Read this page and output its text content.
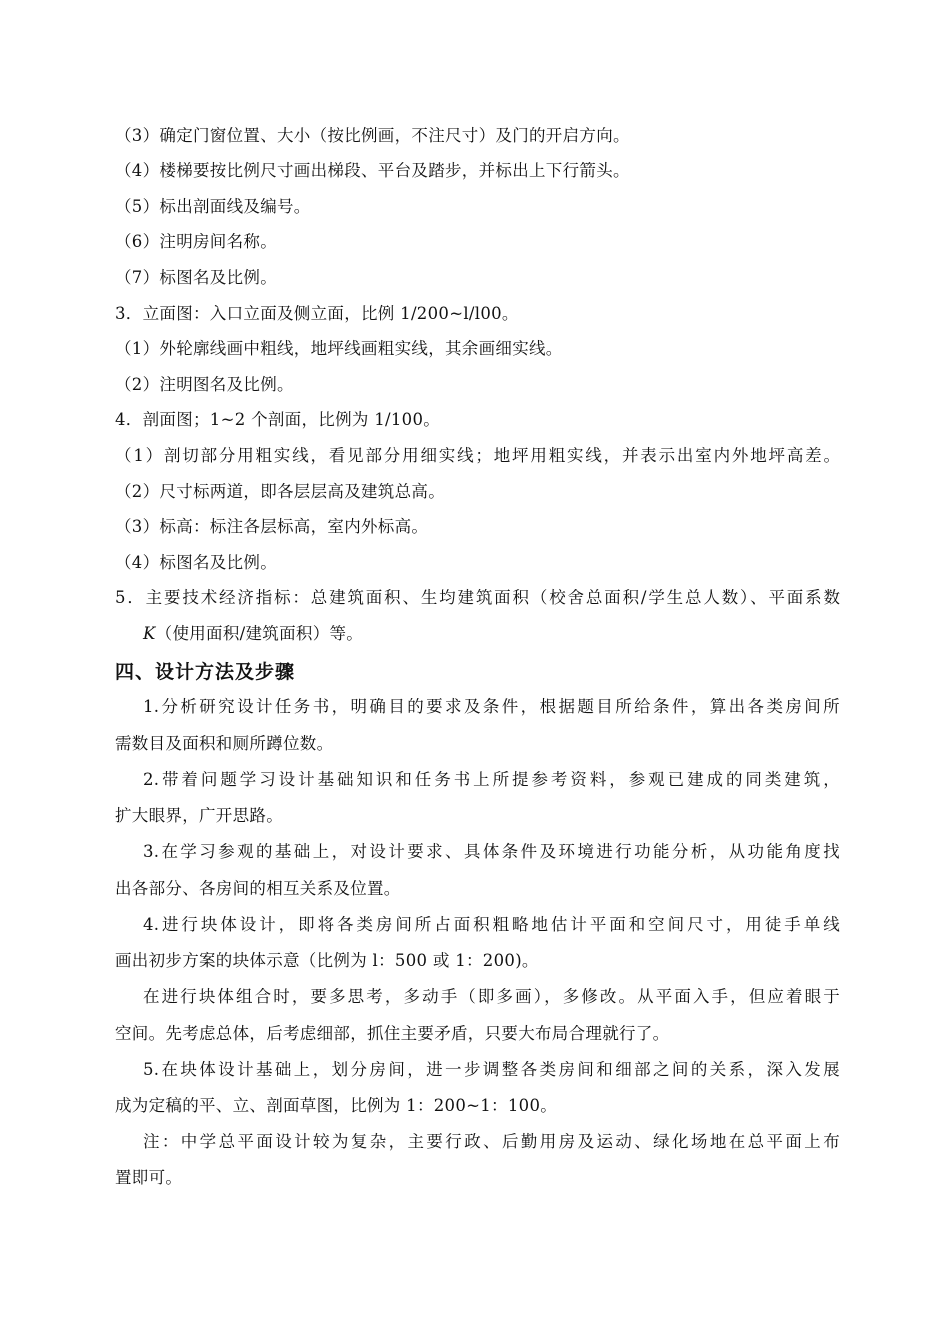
（3）确定门窗位置、大小（按比例画，不注尺寸）及门的开启方向。
（4）楼梯要按比例尺寸画出梯段、平台及踏步，并标出上下行箭头。
（5）标出剖面线及编号。
（6）注明房间名称。
（7）标图名及比例。
3．立面图：入口立面及侧立面，比例 1/200~l/l00。
（1）外轮廓线画中粗线，地坪线画粗实线，其余画细实线。
（2）注明图名及比例。
4．剖面图；1~2 个剖面，比例为 1/100。
（1）剖切部分用粗实线，看见部分用细实线；地坪用粗实线，并表示出室内外地坪高差。
（2）尺寸标两道，即各层层高及建筑总高。
（3）标高：标注各层标高，室内外标高。
（4）标图名及比例。
5．主要技术经济指标：总建筑面积、生均建筑面积（校舍总面积/学生总人数）、平面系数
K（使用面积/建筑面积）等。
四、设计方法及步骤
1.分析研究设计任务书，明确目的要求及条件，根据题目所给条件，算出各类房间所
需数目及面积和厕所蹲位数。
2.带着问题学习设计基础知识和任务书上所提参考资料，参观已建成的同类建筑，
扩大眼界，广开思路。
3.在学习参观的基础上，对设计要求、具体条件及环境进行功能分析，从功能角度找
出各部分、各房间的相互关系及位置。
4.进行块体设计，即将各类房间所占面积粗略地估计平面和空间尺寸，用徒手单线
画出初步方案的块体示意（比例为 l：500 或 1：200)。
在进行块体组合时，要多思考，多动手（即多画），多修改。从平面入手，但应着眼于
空间。先考虑总体，后考虑细部，抓住主要矛盾，只要大布局合理就行了。
5.在块体设计基础上，划分房间，进一步调整各类房间和细部之间的关系，深入发展
成为定稿的平、立、剖面草图，比例为 1：200~1：100。
注：中学总平面设计较为复杂，主要行政、后勤用房及运动、绿化场地在总平面上布
置即可。
